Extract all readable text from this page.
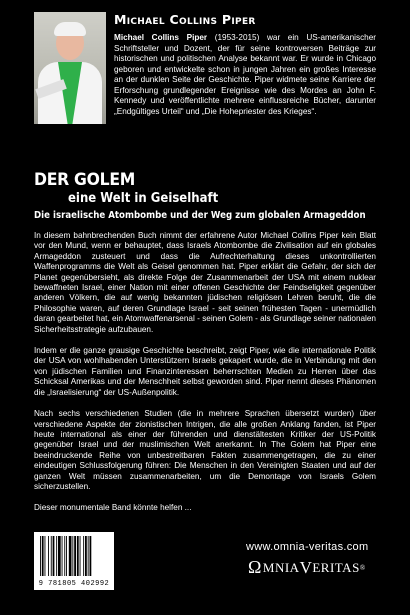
Michael Collins Piper
Michael Collins Piper (1953-2015) war ein US-amerikanischer Schriftsteller und Dozent, der für seine kontroversen Beiträge zur historischen und politischen Analyse bekannt war. Er wurde in Chicago geboren und entwickelte schon in jungen Jahren ein großes Interesse an der dunklen Seite der Geschichte. Piper widmete seine Karriere der Erforschung grundlegender Ereignisse wie des Mordes an John F. Kennedy und veröffentlichte mehrere einflussreiche Bücher, darunter „Endgültiges Urteil“ und „Die Hohepriester des Krieges“.
DER GOLEM
eine Welt in Geiselhaft
Die israelische Atombombe und der Weg zum globalen Armageddon

In diesem bahnbrechenden Buch nimmt der erfahrene Autor Michael Collins Piper kein Blatt vor den Mund, wenn er behauptet, dass Israels Atombombe die Zivilisation auf ein globales Armageddon zusteuert und dass die Aufrechterhaltung dieses unkontrollierten Waffenprogramms die Welt als Geisel genommen hat. Piper erklärt die Gefahr, der sich der Planet gegenübersieht, als direkte Folge der Zusammenarbeit der USA mit einem nuklear bewaffneten Israel, einer Nation mit einer offenen Geschichte der Feindseligkeit gegenüber anderen Völkern, die auf wenig bekannten jüdischen religiösen Lehren beruht, die die Philosophie waren, auf deren Grundlage Israel - seit seinen frühesten Tagen - unermüdlich daran gearbeitet hat, ein Atomwaffenarsenal - seinen Golem - als Grundlage seiner nationalen Sicherheitsstrategie aufzubauen.

Indem er die ganze grausige Geschichte beschreibt, zeigt Piper, wie die internationale Politik der USA von wohlhabenden Unterstützern Israels gekapert wurde, die in Verbindung mit den von jüdischen Familien und Finanzinteressen beherrschten Medien zu Herren über das Schicksal Amerikas und der Menschheit selbst geworden sind. Piper nennt dieses Phänomen die „Israelisierung“ der US-Außenpolitik.

Nach sechs verschiedenen Studien (die in mehrere Sprachen übersetzt wurden) über verschiedene Aspekte der zionistischen Intrigen, die alle großen Anklang fanden, ist Piper heute international als einer der führenden und dienstältesten Kritiker der US-Politik gegenüber Israel und der muslimischen Welt anerkannt. In The Golem hat Piper eine beeindruckende Reihe von unbestreitbaren Fakten zusammengetragen, die zu einer eindeutigen Schlussfolgerung führen: Die Menschen in den Vereinigten Staaten und auf der ganzen Welt müssen zusammenarbeiten, um die Demontage von Israels Golem sicherzustellen.

Dieser monumentale Band könnte helfen ...

9 781805 402992
www.omnia-veritas.com
Ω MNIA V ERITAS ®
